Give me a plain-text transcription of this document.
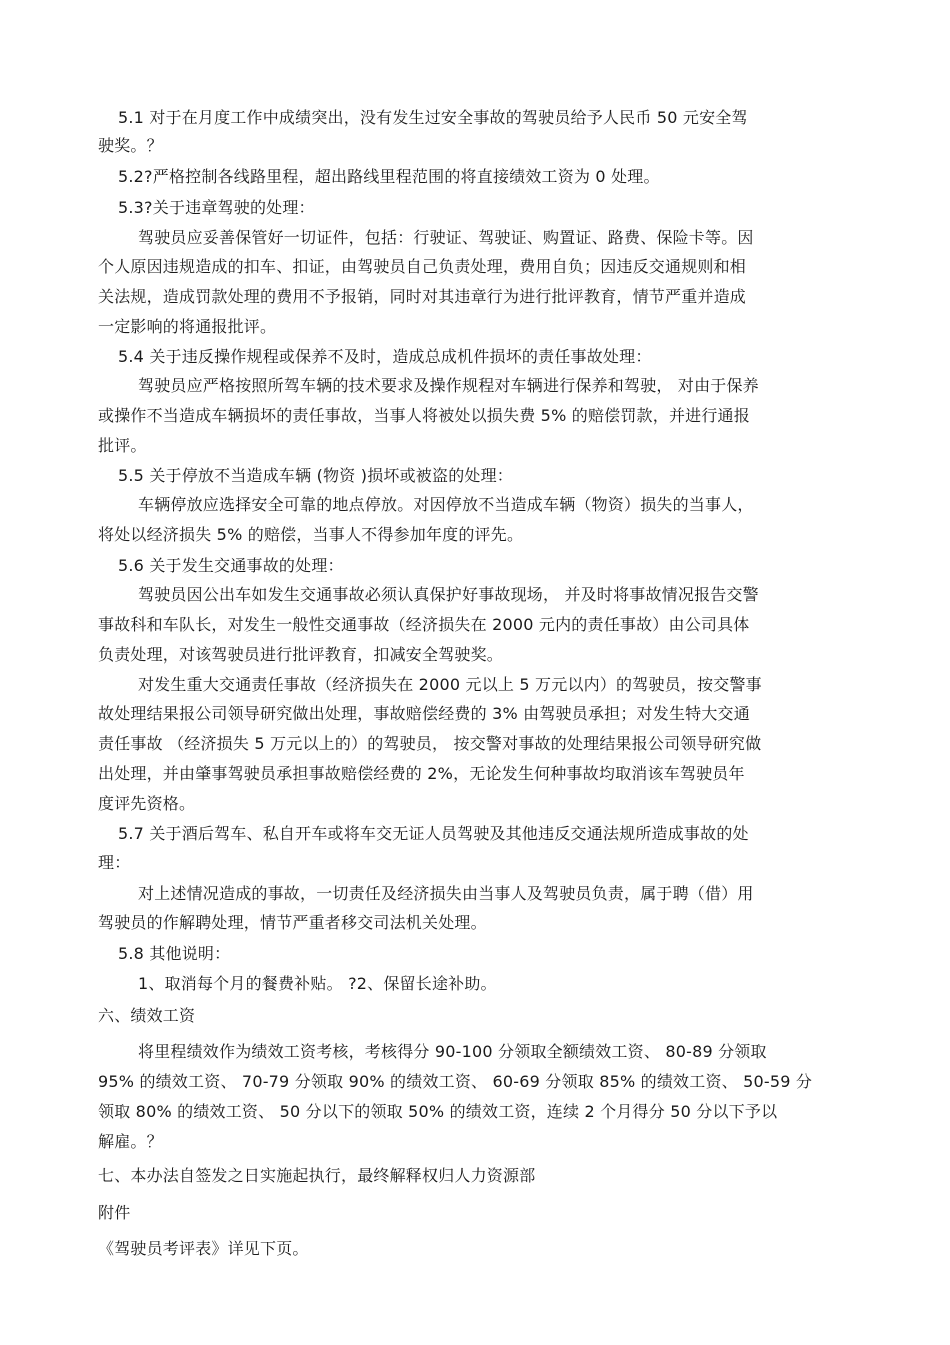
5.1 对于在月度工作中成绩突出，没有发生过安全事故的驾驶员给予人民币 50 元安全驾
驶奖。？
5.2?严格控制各线路里程，超出路线里程范围的将直接绩效工资为 0 处理。
5.3?关于违章驾驶的处理：
驾驶员应妥善保管好一切证件，包括：行驶证、驾驶证、购置证、路费、保险卡等。因
个人原因违规造成的扣车、扣证，由驾驶员自己负责处理，费用自负；因违反交通规则和相
关法规，造成罚款处理的费用不予报销，同时对其违章行为进行批评教育，情节严重并造成
一定影响的将通报批评。
5.4 关于违反操作规程或保养不及时，造成总成机件损坏的责任事故处理：
驾驶员应严格按照所驾车辆的技术要求及操作规程对车辆进行保养和驾驶， 对由于保养
或操作不当造成车辆损坏的责任事故，当事人将被处以损失费 5% 的赔偿罚款，并进行通报
批评。
5.5 关于停放不当造成车辆 (物资 )损坏或被盗的处理：
车辆停放应选择安全可靠的地点停放。对因停放不当造成车辆（物资）损失的当事人，
将处以经济损失 5% 的赔偿，当事人不得参加年度的评先。
5.6 关于发生交通事故的处理：
驾驶员因公出车如发生交通事故必须认真保护好事故现场， 并及时将事故情况报告交警
事故科和车队长，对发生一般性交通事故（经济损失在 2000 元内的责任事故）由公司具体
负责处理，对该驾驶员进行批评教育，扣减安全驾驶奖。
对发生重大交通责任事故（经济损失在 2000 元以上 5 万元以内）的驾驶员，按交警事
故处理结果报公司领导研究做出处理，事故赔偿经费的 3% 由驾驶员承担；对发生特大交通
责任事故 （经济损失 5 万元以上的）的驾驶员， 按交警对事故的处理结果报公司领导研究做
出处理，并由肇事驾驶员承担事故赔偿经费的 2%，无论发生何种事故均取消该车驾驶员年
度评先资格。
5.7 关于酒后驾车、私自开车或将车交无证人员驾驶及其他违反交通法规所造成事故的处
理：
对上述情况造成的事故，一切责任及经济损失由当事人及驾驶员负责，属于聘（借）用
驾驶员的作解聘处理，情节严重者移交司法机关处理。
5.8 其他说明：
1、取消每个月的餐费补贴。 ?2、保留长途补助。
六、绩效工资
将里程绩效作为绩效工资考核，考核得分 90-100 分领取全额绩效工资、 80-89 分领取
95% 的绩效工资、 70-79 分领取 90% 的绩效工资、 60-69 分领取 85% 的绩效工资、 50-59 分
领取 80% 的绩效工资、 50 分以下的领取 50% 的绩效工资，连续 2 个月得分 50 分以下予以
解雇。？
七、本办法自签发之日实施起执行，最终解释权归人力资源部
附件
《驾驶员考评表》详见下页。
